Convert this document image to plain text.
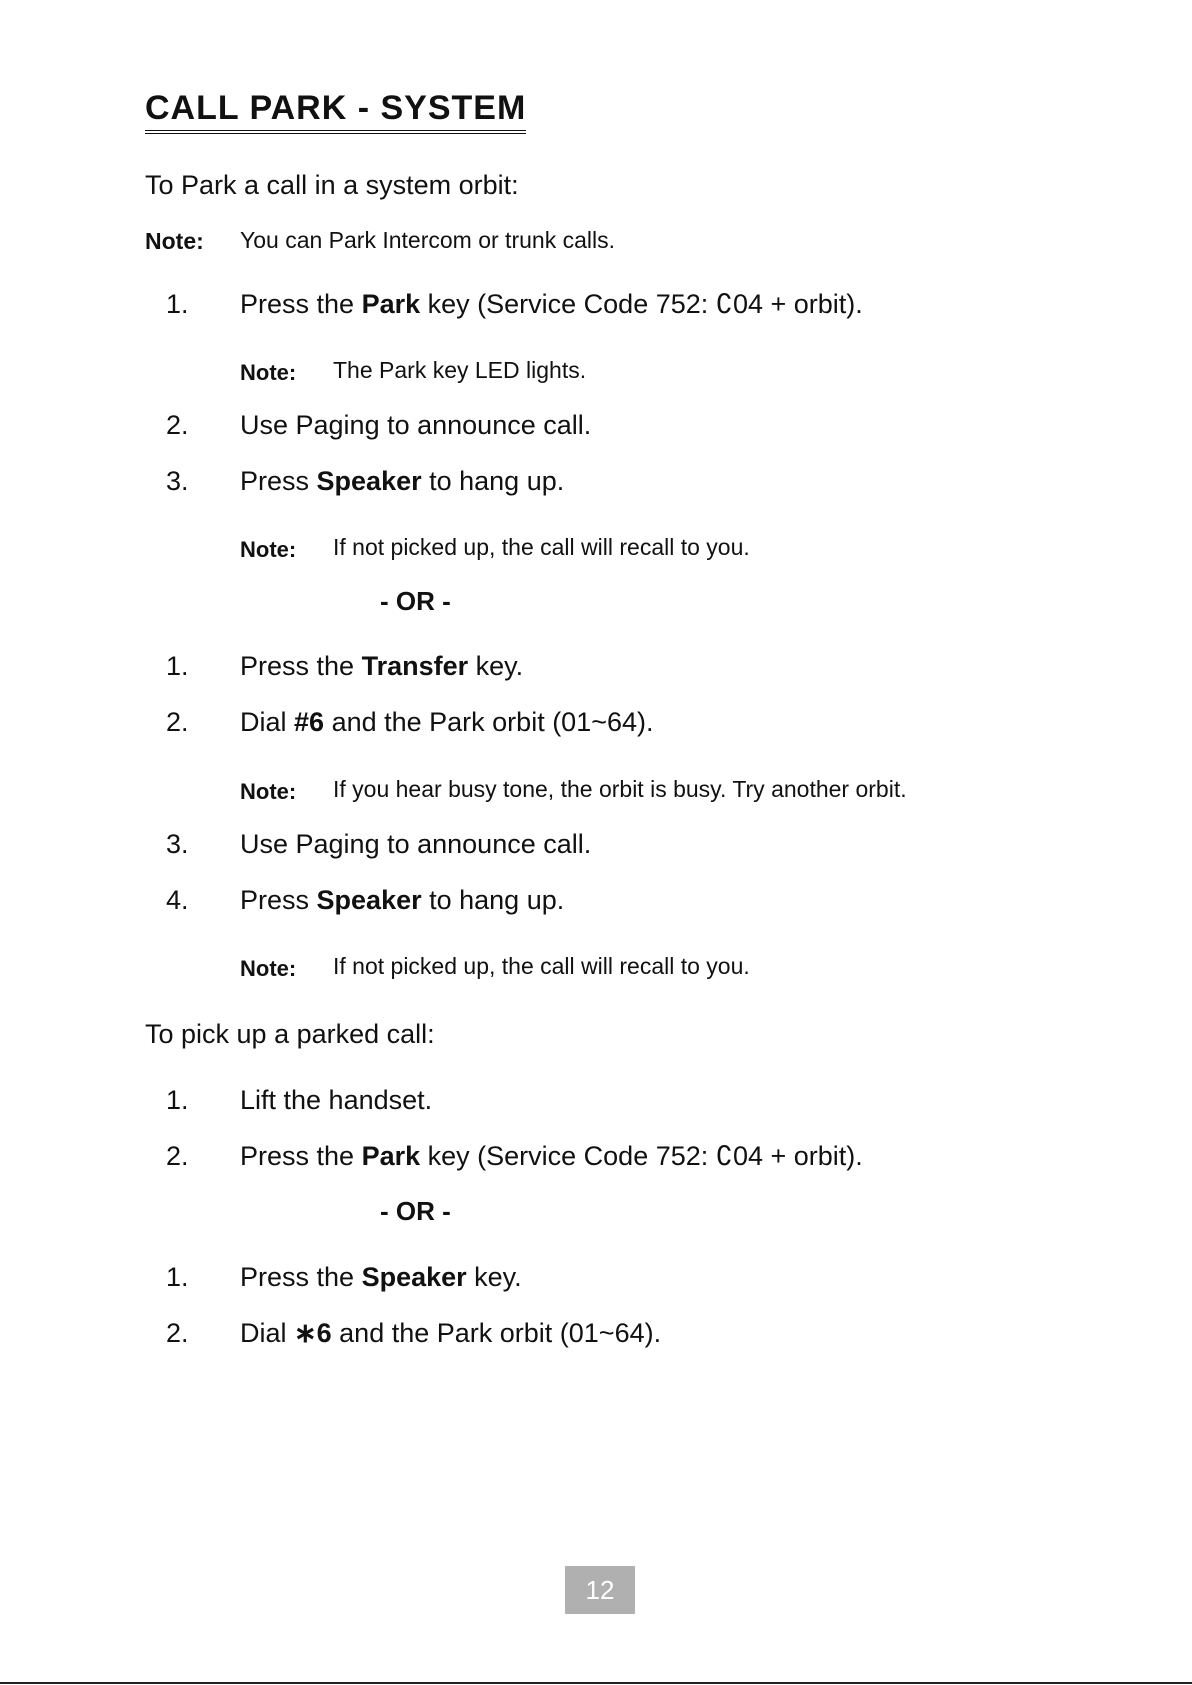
CALL PARK - SYSTEM
To Park a call in a system orbit:
Note: You can Park Intercom or trunk calls.
1. Press the Park key (Service Code 752: ∁04 + orbit).
Note: The Park key LED lights.
2. Use Paging to announce call.
3. Press Speaker to hang up.
Note: If not picked up, the call will recall to you.
- OR -
1. Press the Transfer key.
2. Dial #6 and the Park orbit (01~64).
Note: If you hear busy tone, the orbit is busy. Try another orbit.
3. Use Paging to announce call.
4. Press Speaker to hang up.
Note: If not picked up, the call will recall to you.
To pick up a parked call:
1. Lift the handset.
2. Press the Park key (Service Code 752: ∁04 + orbit).
- OR -
1. Press the Speaker key.
2. Dial ∗6 and the Park orbit (01~64).
12
